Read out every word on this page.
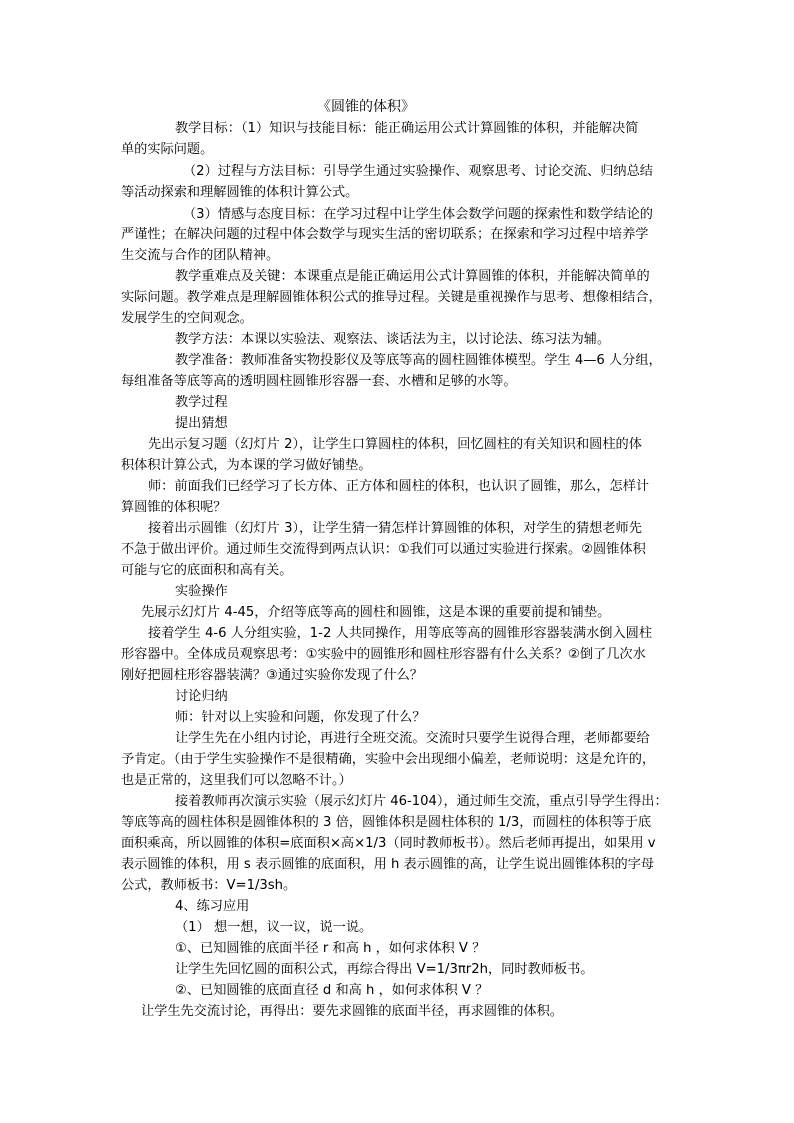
《圆锥的体积》
教学目标：（1）知识与技能目标：能正确运用公式计算圆锥的体积，并能解决简
单的实际问题。
（2）过程与方法目标：引导学生通过实验操作、观察思考、讨论交流、归纳总结
等活动探索和理解圆锥的体积计算公式。
（3）情感与态度目标：在学习过程中让学生体会数学问题的探索性和数学结论的
严谨性；在解决问题的过程中体会数学与现实生活的密切联系；在探索和学习过程中培养学
生交流与合作的团队精神。
教学重难点及关键：本课重点是能正确运用公式计算圆锥的体积，并能解决简单的
实际问题。教学难点是理解圆锥体积公式的推导过程。关键是重视操作与思考、想像相结合，
发展学生的空间观念。
教学方法：本课以实验法、观察法、谈话法为主，以讨论法、练习法为辅。
教学准备：教师准备实物投影仪及等底等高的圆柱圆锥体模型。学生 4—6 人分组，
每组准备等底等高的透明圆柱圆锥形容器一套、水槽和足够的水等。
教学过程
提出猜想
先出示复习题（幻灯片 2），让学生口算圆柱的体积，回忆圆柱的有关知识和圆柱的体
积体积计算公式，为本课的学习做好铺垫。
师：前面我们已经学习了长方体、正方体和圆柱的体积，也认识了圆锥，那么，怎样计
算圆锥的体积呢？
接着出示圆锥（幻灯片 3），让学生猜一猜怎样计算圆锥的体积，对学生的猜想老师先
不急于做出评价。通过师生交流得到两点认识：①我们可以通过实验进行探索。②圆锥体积
可能与它的底面积和高有关。
实验操作
先展示幻灯片 4-45，介绍等底等高的圆柱和圆锥，这是本课的重要前提和铺垫。
接着学生 4-6 人分组实验，1-2 人共同操作，用等底等高的圆锥形容器装满水倒入圆柱
形容器中。全体成员观察思考：①实验中的圆锥形和圆柱形容器有什么关系？②倒了几次水
刚好把圆柱形容器装满？③通过实验你发现了什么？
讨论归纳
师：针对以上实验和问题，你发现了什么？
让学生先在小组内讨论，再进行全班交流。交流时只要学生说得合理，老师都要给
予肯定。（由于学生实验操作不是很精确，实验中会出现细小偏差，老师说明：这是允许的，
也是正常的，这里我们可以忽略不计。）
接着教师再次演示实验（展示幻灯片 46-104），通过师生交流，重点引导学生得出：
等底等高的圆柱体积是圆锥体积的 3 倍，圆锥体积是圆柱体积的 1/3，而圆柱的体积等于底
面积乘高，所以圆锥的体积=底面积×高×1/3（同时教师板书）。然后老师再提出，如果用 v
表示圆锥的体积，用 s 表示圆锥的底面积，用 h 表示圆锥的高，让学生说出圆锥体积的字母
公式，教师板书：V=1/3sh。
4、练习应用
（1） 想一想，议一议，说一说。
①、已知圆锥的底面半径 r 和高 h ，如何求体积 V ？
让学生先回忆圆的面积公式，再综合得出 V=1/3πr2h，同时教师板书。
②、已知圆锥的底面直径 d 和高 h ，如何求体积 V ？
让学生先交流讨论，再得出：要先求圆锥的底面半径，再求圆锥的体积。
